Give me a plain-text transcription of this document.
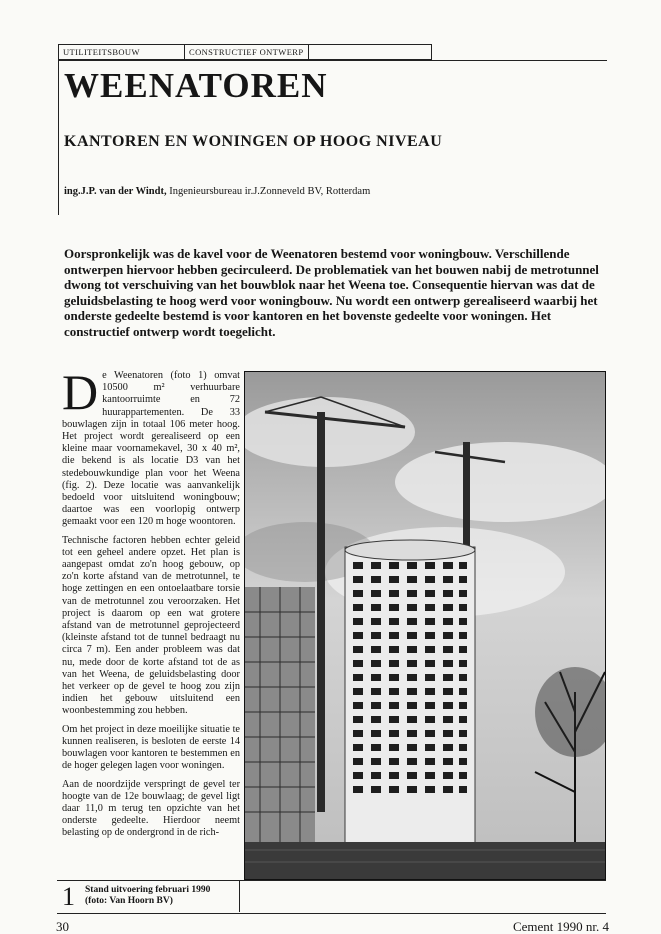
UTILITEITSBOUW	CONSTRUCTIEF ONTWERP
WEENATOREN
KANTOREN EN WONINGEN OP HOOG NIVEAU
ing.J.P. van der Windt, Ingenieursbureau ir.J.Zonneveld BV, Rotterdam

Oorspronkelijk was de kavel voor de Weenatoren bestemd voor woningbouw. Verschillende ontwerpen hiervoor hebben gecirculeerd. De problematiek van het bouwen nabij de metrotunnel dwong tot verschuiving van het bouwblok naar het Weena toe. Consequentie hiervan was dat de geluidsbelasting te hoog werd voor woningbouw. Nu wordt een ontwerp gerealiseerd waarbij het onderste gedeelte bestemd is voor kantoren en het bovenste gedeelte voor woningen. Het constructief ontwerp wordt toegelicht.

De Weenatoren (foto 1) omvat 10500 m² verhuurbare kantoorruimte en 72 huurappartementen. De 33 bouwlagen zijn in totaal 106 meter hoog. Het project wordt gerealiseerd op een kleine maar voornamekavel, 30 x 40 m², die bekend is als locatie D3 van het stedebouwkundige plan voor het Weena (fig. 2). Deze locatie was aanvankelijk bedoeld voor uitsluitend woningbouw; daartoe was een voorlopig ontwerp gemaakt voor een 120 m hoge woontoren.

Technische factoren hebben echter geleid tot een geheel andere opzet. Het plan is aangepast omdat zo'n hoog gebouw, op zo'n korte afstand van de metrotunnel, te hoge zettingen en een ontoelaatbare torsie van de metrotunnel zou veroorzaken. Het project is daarom op een wat grotere afstand van de metrotunnel geprojecteerd (kleinste afstand tot de tunnel bedraagt nu circa 7 m). Een ander probleem was dat nu, mede door de korte afstand tot de as van het Weena, de geluidsbelasting door het verkeer op de gevel te hoog zou zijn indien het gebouw uitsluitend een woonbestemming zou hebben.

Om het project in deze moeilijke situatie te kunnen realiseren, is besloten de eerste 14 bouwlagen voor kantoren te bestemmen en de hoger gelegen lagen voor woningen.

Aan de noordzijde verspringt de gevel ter hoogte van de 12e bouwlaag; de gevel ligt daar 11,0 m terug ten opzichte van het onderste gedeelte. Hierdoor neemt belasting op de ondergrond in de rich-

1 Stand uitvoering februari 1990
(foto: Van Hoorn BV)
30	Cement 1990 nr. 4
